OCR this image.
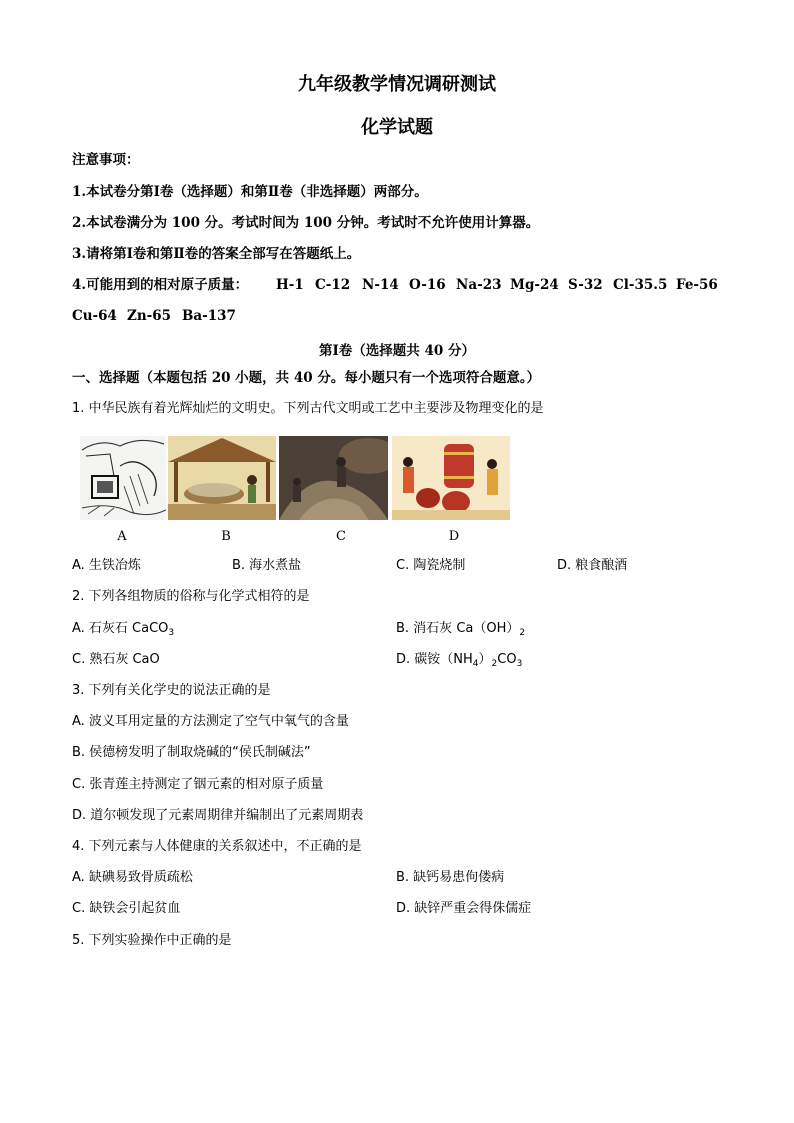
九年级教学情况调研测试
化学试题
注意事项：
1.本试卷分第Ⅰ卷（选择题）和第Ⅱ卷（非选择题）两部分。
2.本试卷满分为 100 分。考试时间为 100 分钟。考试时不允许使用计算器。
3.请将第Ⅰ卷和第Ⅱ卷的答案全部写在答题纸上。
4.可能用到的相对原子质量： H-1 C-12 N-14 O-16 Na-23 Mg-24 S-32 Cl-35.5 Fe-56
Cu-64 Zn-65 Ba-137
第Ⅰ卷（选择题共 40 分）
一、选择题（本题包括 20 小题，共 40 分。每小题只有一个选项符合题意。）
1. 中华民族有着光辉灿烂的文明史。下列古代文明或工艺中主要涉及物理变化的是
A	B	C	D
A. 生铁冶炼	B. 海水煮盐	C. 陶瓷烧制	D. 粮食酿酒
2. 下列各组物质的俗称与化学式相符的是
A. 石灰石 CaCO$_3$	B. 消石灰 $Ca(OH)_2$
C. 熟石灰 CaO	D. 碳铵$(NH_4)_2CO_3$
3. 下列有关化学史的说法正确的是
A. 波义耳用定量的方法测定了空气中氧气的含量
B. 侯德榜发明了制取烧碱的“侯氏制碱法”
C. 张青莲主持测定了铟元素的相对原子质量
D. 道尔顿发现了元素周期律并编制出了元素周期表
4. 下列元素与人体健康的关系叙述中，不正确的是
A. 缺碘易致骨质疏松	B. 缺钙易患佝偻病
C. 缺铁会引起贫血	D. 缺锌严重会得侏儒症
5. 下列实验操作中正确的是
